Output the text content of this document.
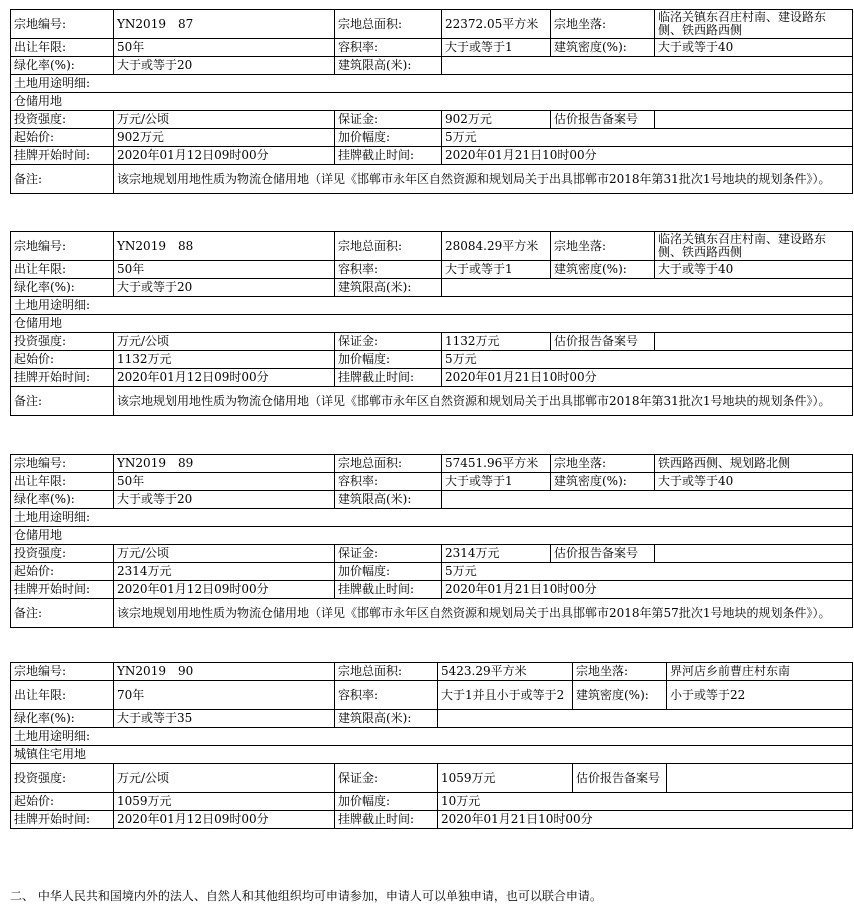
宗地编号:	YN2019　87	宗地总面积:	22372.05平方米	宗地坐落:	临洺关镇东召庄村南、建设路东侧、铁西路西侧
出让年限:	50年	容积率:	大于或等于1	建筑密度(%):	大于或等于40
绿化率(%):	大于或等于20	建筑限高(米):			
土地用途明细:					
仓储用地					
投资强度:	万元/公顷	保证金:	902万元	估价报告备案号	
起始价:	902万元	加价幅度:	5万元		
挂牌开始时间:	2020年01月12日09时00分	挂牌截止时间:	2020年01月21日10时00分		
备注:	该宗地规划用地性质为物流仓储用地（详见《邯郸市永年区自然资源和规划局关于出具邯郸市2018年第31批次1号地块的规划条件》）。				
宗地编号:	YN2019　88	宗地总面积:	28084.29平方米	宗地坐落:	临洺关镇东召庄村南、建设路东侧、铁西路西侧
出让年限:	50年	容积率:	大于或等于1	建筑密度(%):	大于或等于40
绿化率(%):	大于或等于20	建筑限高(米):			
土地用途明细:					
仓储用地					
投资强度:	万元/公顷	保证金:	1132万元	估价报告备案号	
起始价:	1132万元	加价幅度:	5万元		
挂牌开始时间:	2020年01月12日09时00分	挂牌截止时间:	2020年01月21日10时00分		
备注:	该宗地规划用地性质为物流仓储用地（详见《邯郸市永年区自然资源和规划局关于出具邯郸市2018年第31批次1号地块的规划条件》）。				
宗地编号:	YN2019　89	宗地总面积:	57451.96平方米	宗地坐落:	铁西路西侧、规划路北侧
出让年限:	50年	容积率:	大于或等于1	建筑密度(%):	大于或等于40
绿化率(%):	大于或等于20	建筑限高(米):			
土地用途明细:					
仓储用地					
投资强度:	万元/公顷	保证金:	2314万元	估价报告备案号	
起始价:	2314万元	加价幅度:	5万元		
挂牌开始时间:	2020年01月12日09时00分	挂牌截止时间:	2020年01月21日10时00分		
备注:	该宗地规划用地性质为物流仓储用地（详见《邯郸市永年区自然资源和规划局关于出具邯郸市2018年第57批次1号地块的规划条件》）。				
宗地编号:	YN2019　90	宗地总面积:	5423.29平方米	宗地坐落:	界河店乡前曹庄村东南
出让年限:	70年	容积率:	大于1并且小于或等于2	建筑密度(%):	小于或等于22
绿化率(%):	大于或等于35	建筑限高(米):			
土地用途明细:					
城镇住宅用地					
投资强度:	万元/公顷	保证金:	1059万元	估价报告备案号	
起始价:	1059万元	加价幅度:	10万元		
挂牌开始时间:	2020年01月12日09时00分	挂牌截止时间:	2020年01月21日10时00分		
二、 中华人民共和国境内外的法人、自然人和其他组织均可申请参加，申请人可以单独申请，也可以联合申请。
